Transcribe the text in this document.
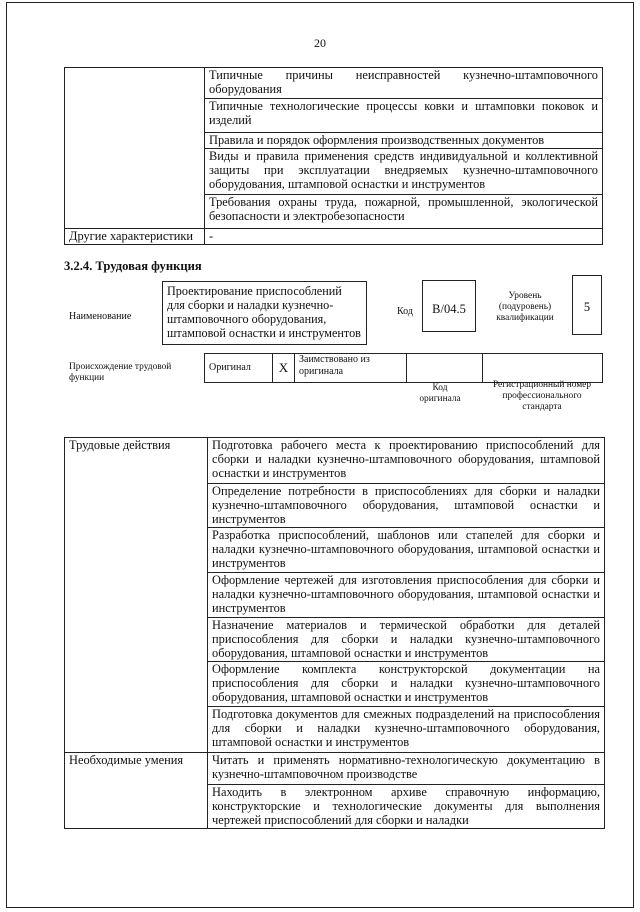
20
	Типичные причины неисправностей кузнечно-штамповочного оборудования
	Типичные технологические процессы ковки и штамповки поковок и изделий
	Правила и порядок оформления производственных документов
	Виды и правила применения средств индивидуальной и коллективной защиты при эксплуатации внедряемых кузнечно-штамповочного оборудования, штамповой оснастки и инструментов
	Требования охраны труда, пожарной, промышленной, экологической безопасности и электробезопасности
Другие характеристики	-
3.2.4. Трудовая функция
Наименование
Проектирование приспособлений для сборки и наладки кузнечно-штамповочного оборудования, штамповой оснастки и инструментов
Код	В/04.5
Уровень (подуровень) квалификации
5
Происхождение трудовой функции
Оригинал	X	Заимствовано из оригинала		
Код оригинала
Регистрационный номер профессионального стандарта
Трудовые действия	Подготовка рабочего места к проектированию приспособлений для сборки и наладки кузнечно-штамповочного оборудования, штамповой оснастки и инструментов
	Определение потребности в приспособлениях для сборки и наладки кузнечно-штамповочного оборудования, штамповой оснастки и инструментов
	Разработка приспособлений, шаблонов или стапелей для сборки и наладки кузнечно-штамповочного оборудования, штамповой оснастки и инструментов
	Оформление чертежей для изготовления приспособления для сборки и наладки кузнечно-штамповочного оборудования, штамповой оснастки и инструментов
	Назначение материалов и термической обработки для деталей приспособления для сборки и наладки кузнечно-штамповочного оборудования, штамповой оснастки и инструментов
	Оформление комплекта конструкторской документации на приспособления для сборки и наладки кузнечно-штамповочного оборудования, штамповой оснастки и инструментов
	Подготовка документов для смежных подразделений на приспособления для сборки и наладки кузнечно-штамповочного оборудования, штамповой оснастки и инструментов
Необходимые умения	Читать и применять нормативно-технологическую документацию в кузнечно-штамповочном производстве
	Находить в электронном архиве справочную информацию, конструкторские и технологические документы для выполнения чертежей приспособлений для сборки и наладки
